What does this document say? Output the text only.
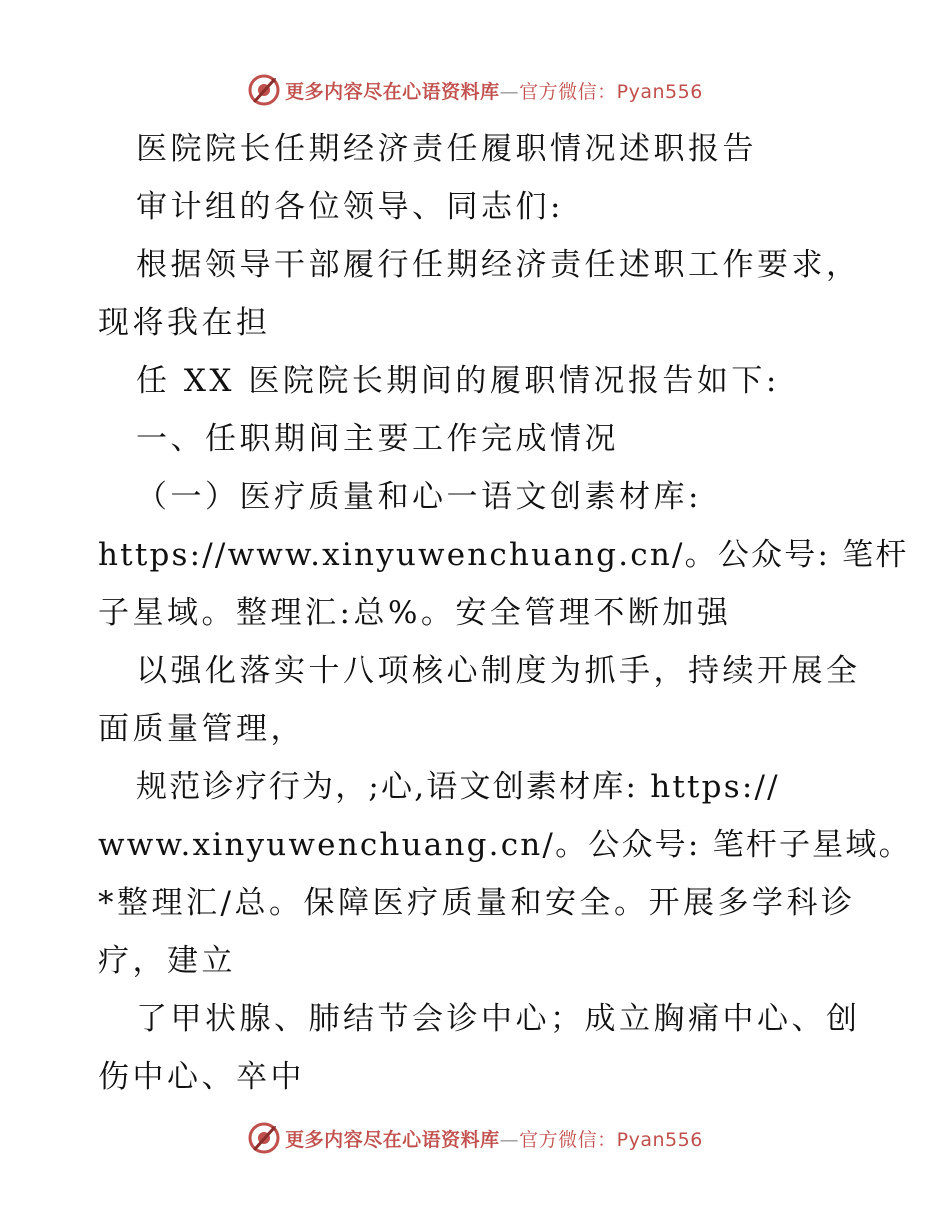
更多内容尽在心语资料库—官方微信：Pyan556
医院院长任期经济责任履职情况述职报告
审计组的各位领导、同志们:
根据领导干部履行任期经济责任述职工作要求，
现将我在担
任 XX 医院院长期间的履职情况报告如下:
一、任职期间主要工作完成情况
（一）医疗质量和心一语文创素材库:
https://www.xinyuwenchuang.cn/。公众号: 笔杆
子星域。整理汇:总%。安全管理不断加强
以强化落实十八项核心制度为抓手，持续开展全
面质量管理，
规范诊疗行为，;心,语文创素材库: https://
www.xinyuwenchuang.cn/。公众号: 笔杆子星域。
*整理汇/总。保障医疗质量和安全。开展多学科诊
疗，建立
了甲状腺、肺结节会诊中心；成立胸痛中心、创
伤中心、卒中
更多内容尽在心语资料库—官方微信：Pyan556
